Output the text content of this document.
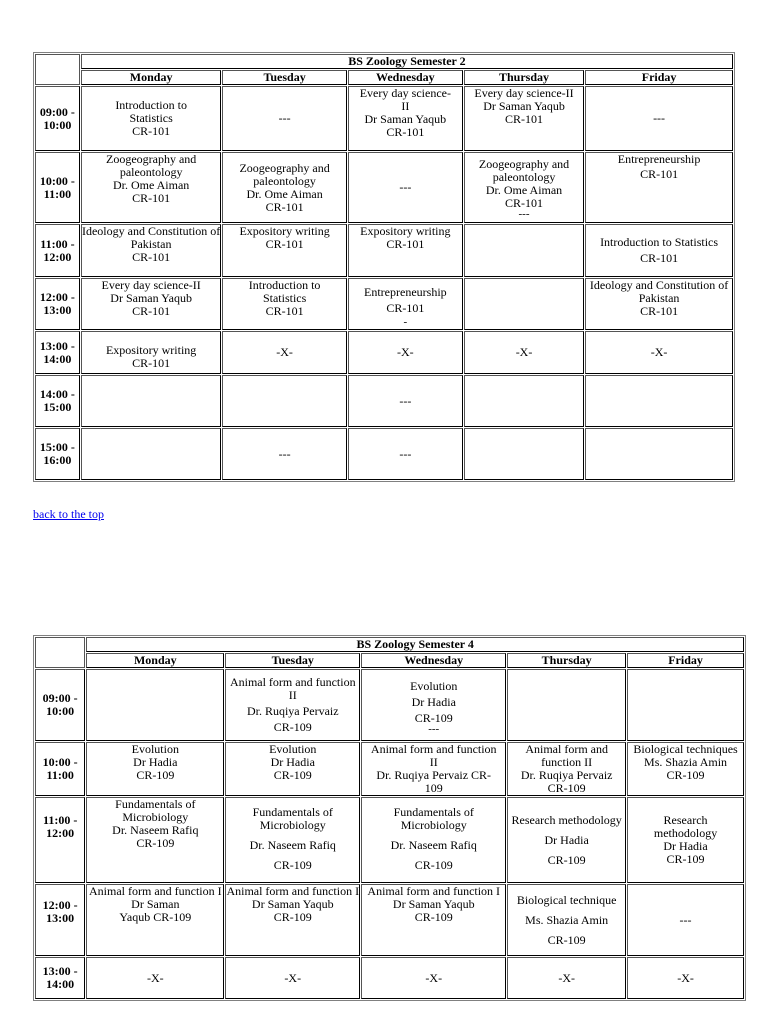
	BS Zoology Semester 2				
	Monday	Tuesday	Wednesday	Thursday	Friday

09:00 -
10:00	Introduction to
Statistics
CR-101	---	Every day science-
II
Dr Saman Yaqub
CR-101	Every day science-II
Dr Saman Yaqub
CR-101	---

10:00 -
11:00	Zoogeography and
paleontology
Dr. Ome Aiman
CR-101	Zoogeography and
paleontology
Dr. Ome Aiman
CR-101	---	Zoogeography and
paleontology
Dr. Ome Aiman
CR-101
---	Entrepreneurship
CR-101

11:00 -
12:00	Ideology and Constitution of
Pakistan
CR-101	Expository writing
CR-101	Expository writing
CR-101		Introduction to Statistics
CR-101

12:00 -
13:00	Every day science-II
Dr Saman Yaqub
CR-101	Introduction to
Statistics
CR-101	Entrepreneurship
CR-101
-		Ideology and Constitution of
Pakistan
CR-101

13:00 -
14:00	Expository writing
CR-101	-X-	-X-	-X-	-X-

14:00 -
15:00			---		

15:00 -
16:00		---	---		

back to the top
	BS Zoology Semester 4				
	Monday	Tuesday	Wednesday	Thursday	Friday

09:00 -
10:00		Animal form and function II
Dr. Ruqiya Pervaiz
CR-109	Evolution
Dr Hadia
CR-109
---		

10:00 -
11:00	Evolution
Dr Hadia
CR-109	Evolution
Dr Hadia
CR-109	Animal form and function
II
Dr. Ruqiya Pervaiz CR-
109	Animal form and
function II
Dr. Ruqiya Pervaiz
CR-109	Biological techniques
Ms. Shazia Amin
CR-109

11:00 -
12:00	Fundamentals of
Microbiology
Dr. Naseem Rafiq
CR-109	Fundamentals of
Microbiology
Dr. Naseem Rafiq
CR-109	Fundamentals of
Microbiology
Dr. Naseem Rafiq
CR-109	Research methodology
Dr Hadia
CR-109	Research
methodology
Dr Hadia
CR-109

12:00 -
13:00	Animal form and function I
Dr Saman
Yaqub CR-109	Animal form and function I
Dr Saman Yaqub
CR-109	Animal form and function I
Dr Saman Yaqub
CR-109	Biological technique
Ms. Shazia Amin
CR-109	---

13:00 -
14:00	-X-	-X-	-X-	-X-	-X-
